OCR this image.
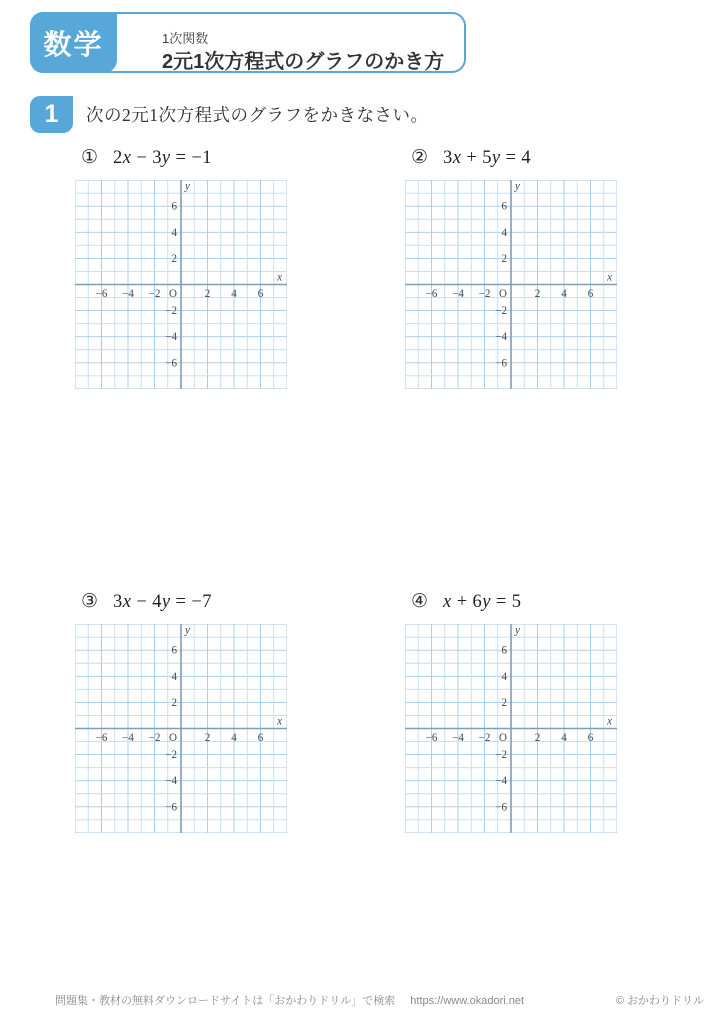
1次関数
2元1次方程式のグラフのかき方
数学
1 次の2元1次方程式のグラフをかきなさい。
① 2x − 3y = −1
−6 −4 −2	2 4 6
6
4
2
−2
−4
−6
O
x
y
② 3x + 5y = 4
−6 −4 −2	2 4 6
6
4
2
−2
−4
−6
O
x
y
③ 3x − 4y = −7
−6 −4 −2	2 4 6
6
4
2
−2
−4
−6
O
x
y
④ x + 6y = 5
−6 −4 −2	2 4 6
6
4
2
−2
−4
−6
O
x
y
問題集・教材の無料ダウンロードサイトは「おかわりドリル」で検索 https://www.okadori.net	© おかわりドリル
